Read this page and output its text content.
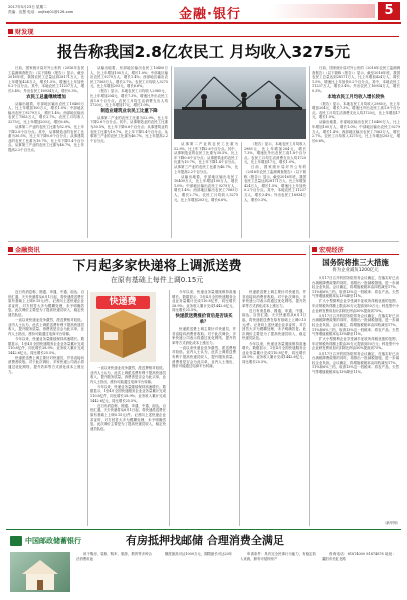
2017年5月23日 星期二
责编：宣慧 电话：xxjfxzj01@126.com	金融·银行	5
财发现
报告称我国2.8亿农民工 月均收入3275元

日前，国家统计局对外公布的《2016年农民工监测调查报告》（以下简称《报告》）显示，截至2016年底，我国农民工总量达到28171万人，比上年增加424万人，增长1.5%，增速比上年加快0.2个百分点。其中，本地农民工11237万人，增长3.4%；外出农民工16934万人，增长0.3%。

农民工总量继续增加

从输出地看，东部地区输出农民工10400万人，比上年增加100万人，增长1.0%；中部地区输出农民工9279万人，增长1.4%；西部地区输出农民工7563万人，增长2.7%。农民工月均收入3275元，比上年增加203元，增长6.6%。

从事第二产业的农民工比重为52.9%，比上年下降2.6个百分点。其中，从事制造业的农民工比重为30.5%，比上年下降0.6个百分点；从事建筑业的农民工比重为19.7%，比上年下降1.4个百分点。从事第三产业的农民工比重为46.7%，比上年提高2.2个百分点。

从输出地看，东部地区输出农民工10400万人，比上年增加100万人，增长1.0%；中部地区输出农民工9279万人，增长1.4%；西部地区输出农民工7563万人，增长2.7%。农民工月均收入3275元，比上年增加203元，增长6.6%。

《报告》显示，本地农民工月均收入2985元，比上年增加204元，增长7.3%，增速比外出农民工高1.8个百分点。农民工月均生活消费支出人均1720元，比上年增加17元，增长1.0%。

制造业建筑业农民工比重下降

从事第二产业的农民工比重为52.9%，比上年下降2.6个百分点。其中，从事制造业的农民工比重为30.5%，比上年下降0.6个百分点；从事建筑业的农民工比重为19.7%，比上年下降1.4个百分点。从事第三产业的农民工比重为46.7%，比上年提高2.2个百分点。

从事第二产业的农民工比重为52.9%，比上年下降2.6个百分点。其中，从事制造业的农民工比重为30.5%，比上年下降0.6个百分点；从事建筑业的农民工比重为19.7%，比上年下降1.4个百分点。从事第三产业的农民工比重为46.7%，比上年提高2.2个百分点。

从输出地看，东部地区输出农民工10400万人，比上年增加100万人，增长1.0%；中部地区输出农民工9279万人，增长1.4%；西部地区输出农民工7563万人，增长2.7%。农民工月均收入3275元，比上年增加203元，增长6.6%。

《报告》显示，本地农民工月均收入2985元，比上年增加204元，增长7.3%，增速比外出农民工高1.8个百分点。农民工月均生活消费支出人均1720元，比上年增加17元，增长1.0%。

日前，国家统计局对外公布的《2016年农民工监测调查报告》（以下简称《报告》）显示，截至2016年底，我国农民工总量达到28171万人，比上年增加424万人，增长1.5%，增速比上年加快0.2个百分点。其中，本地农民工11237万人，增长3.4%；外出农民工16934万人，增长0.3%。

日前，国家统计局对外公布的《2016年农民工监测调查报告》（以下简称《报告》）显示，截至2016年底，我国农民工总量达到28171万人，比上年增加424万人，增长1.5%，增速比上年加快0.2个百分点。其中，本地农民工11237万人，增长3.4%；外出农民工16934万人，增长0.3%。

本地农民工月均收入增长较快

《报告》显示，本地农民工月均收入2985元，比上年增加204元，增长7.3%，增速比外出农民工高1.8个百分点。农民工月均生活消费支出人均1720元，比上年增加17元，增长1.0%。

从输出地看，东部地区输出农民工10400万人，比上年增加100万人，增长1.0%；中部地区输出农民工9279万人，增长1.4%；西部地区输出农民工7563万人，增长2.7%。农民工月均收入3275元，比上年增加203元，增长6.6%。

金融资讯
下月起多家快递将上调派送费
在原有基础上每件上调0.15元

近日有消息称，圆通、申通、中通、韵达、百世汇通、天天快递将从6月1日起，将快递派送费在原有基础上上调0.15元/件。记者向上述快递企业求证时，对方回答大多为模糊处理，未予明确答复。此次调价主要是为了提高快递员收入，稳定快递员队伍。

一直以来快递业竞争激烈，派送费相对较低。业内人士认为，此次上调派送费有利于提高快递员收入，提升服务质量。消费者是否会为此买单，业内人士指出，涨价可能通过电商平台转嫁。

今年以来，快递业务量继续保持高速增长。数据显示，1至4月全国快递服务企业业务量累计完成110.8亿件，同比增长28.9%；业务收入累计完成1442.6亿元，同比增长25.5%。

快递派送费上调主要针对快递员，并非直接向消费者收取。对于此次调价，多家快递公司表示将通过优化网络、提升效率等方式消化成本上涨压力。

快递费

一直以来快递业竞争激烈，派送费相对较低。业内人士认为，此次上调派送费有利于提高快递员收入，提升服务质量。消费者是否会为此买单，业内人士指出，涨价可能通过电商平台转嫁。

今年以来，快递业务量继续保持高速增长。数据显示，1至4月全国快递服务企业业务量累计完成110.8亿件，同比增长28.9%；业务收入累计完成1442.6亿元，同比增长25.5%。

近日有消息称，圆通、申通、中通、韵达、百世汇通、天天快递将从6月1日起，将快递派送费在原有基础上上调0.15元/件。记者向上述快递企业求证时，对方回答大多为模糊处理，未予明确答复。此次调价主要是为了提高快递员收入，稳定快递员队伍。

今年以来，快递业务量继续保持高速增长。数据显示，1至4月全国快递服务企业业务量累计完成110.8亿件，同比增长28.9%；业务收入累计完成1442.6亿元，同比增长25.5%。

快递派送费涨价背后是否该买单？

快递派送费上调主要针对快递员，并非直接向消费者收取。对于此次调价，多家快递公司表示将通过优化网络、提升效率等方式消化成本上涨压力。

一直以来快递业竞争激烈，派送费相对较低。业内人士认为，此次上调派送费有利于提高快递员收入，提升服务质量。消费者是否会为此买单，业内人士指出，涨价可能通过电商平台转嫁。

快递派送费上调主要针对快递员，并非直接向消费者收取。对于此次调价，多家快递公司表示将通过优化网络、提升效率等方式消化成本上涨压力。

近日有消息称，圆通、申通、中通、韵达、百世汇通、天天快递将从6月1日起，将快递派送费在原有基础上上调0.15元/件。记者向上述快递企业求证时，对方回答大多为模糊处理，未予明确答复。此次调价主要是为了提高快递员收入，稳定快递员队伍。

今年以来，快递业务量继续保持高速增长。数据显示，1至4月全国快递服务企业业务量累计完成110.8亿件，同比增长28.9%；业务收入累计完成1442.6亿元，同比增长25.5%。

宏观经济
国务院将推三大措施
将为企业减负1200亿元

5月17日召开的国务院常务会议确定，在落实好已出台减税降费政策的同时，再推出一批减税措施，进一步减轻企业负担。会议确定，将增值税税率由四档减至17%、11%和6%三档，取消13%这一档税率；将农产品、天然气等增值税税率从13%降至11%。

扩大小型微利企业享受减半征收所得税优惠的范围，年应纳税所得额上限由30万元提高到50万元；科技型中小企业研发费用加计扣除比例由50%提高到75%。

5月17日召开的国务院常务会议确定，在落实好已出台减税降费政策的同时，再推出一批减税措施，进一步减轻企业负担。会议确定，将增值税税率由四档减至17%、11%和6%三档，取消13%这一档税率；将农产品、天然气等增值税税率从13%降至11%。

扩大小型微利企业享受减半征收所得税优惠的范围，年应纳税所得额上限由30万元提高到50万元；科技型中小企业研发费用加计扣除比例由50%提高到75%。

5月17日召开的国务院常务会议确定，在落实好已出台减税降费政策的同时，再推出一批减税措施，进一步减轻企业负担。会议确定，将增值税税率由四档减至17%、11%和6%三档，取消13%这一档税率；将农产品、天然气等增值税税率从13%降至11%。

（新华网）
中国邮政储蓄银行	有房抵押找邮储 合理消费全满足

用于购房、装修、购车、旅游、教育等多种合法消费用途

额度最高可达1000万元，期限最长可达20年	申请条件：具有完全民事行为能力，有稳定收入来源，拥有可抵押房产

咨询电话：81874000 81874678 地址：襄阳市长虹北路
